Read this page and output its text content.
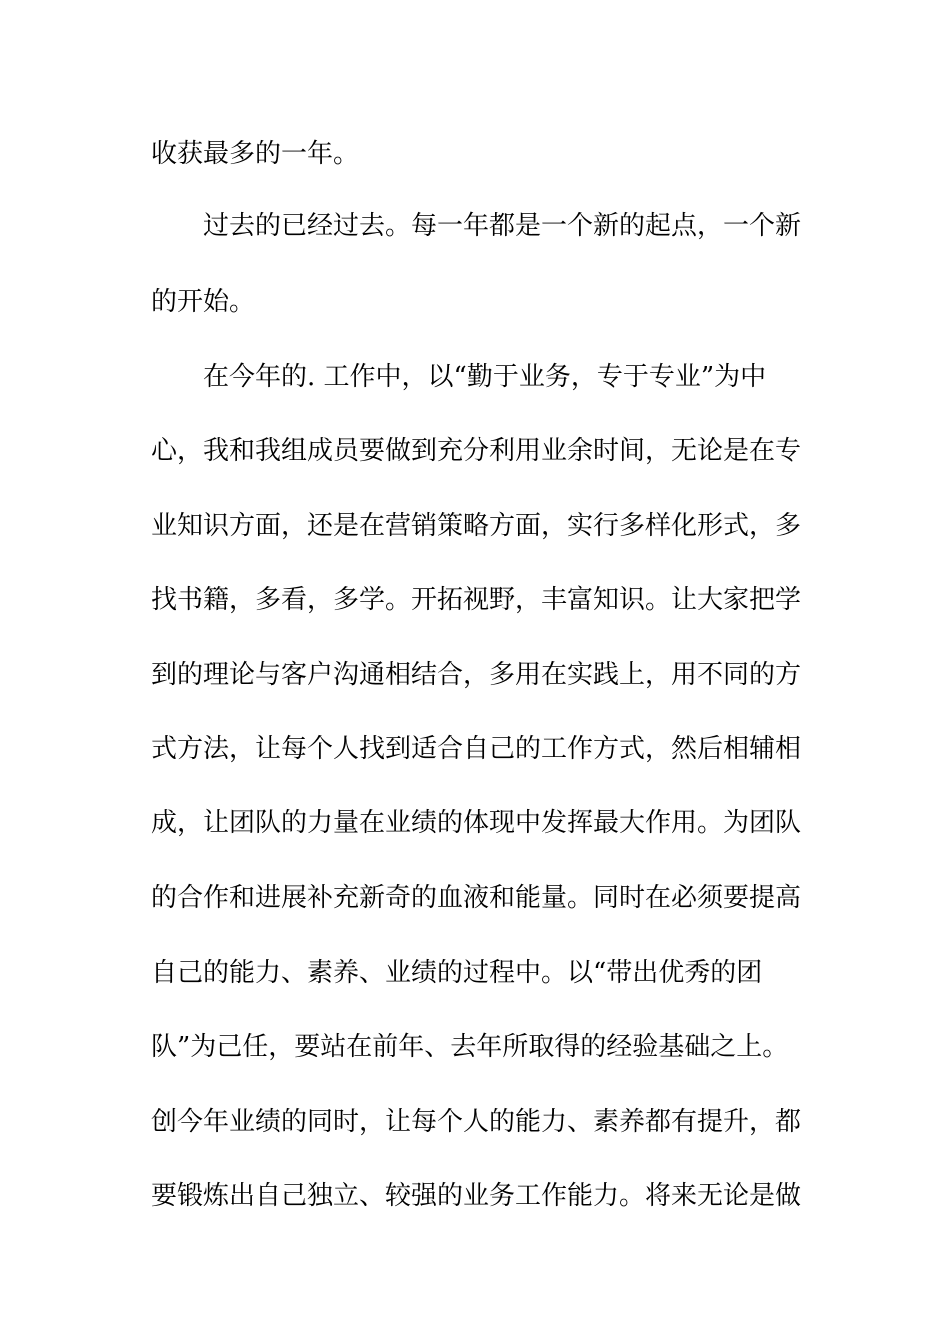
收获最多的一年。
过去的已经过去。每一年都是一个新的起点，一个新
的开始。
在今年的. 工作中，以“勤于业务，专于专业”为中
心，我和我组成员要做到充分利用业余时间，无论是在专
业知识方面，还是在营销策略方面，实行多样化形式，多
找书籍，多看，多学。开拓视野，丰富知识。让大家把学
到的理论与客户沟通相结合，多用在实践上，用不同的方
式方法，让每个人找到适合自己的工作方式，然后相辅相
成，让团队的力量在业绩的体现中发挥最大作用。为团队
的合作和进展补充新奇的血液和能量。同时在必须要提高
自己的能力、素养、业绩的过程中。以“带出优秀的团
队”为己任，要站在前年、去年所取得的经验基础之上。
创今年业绩的同时，让每个人的能力、素养都有提升，都
要锻炼出自己独立、较强的业务工作能力。将来无论是做
